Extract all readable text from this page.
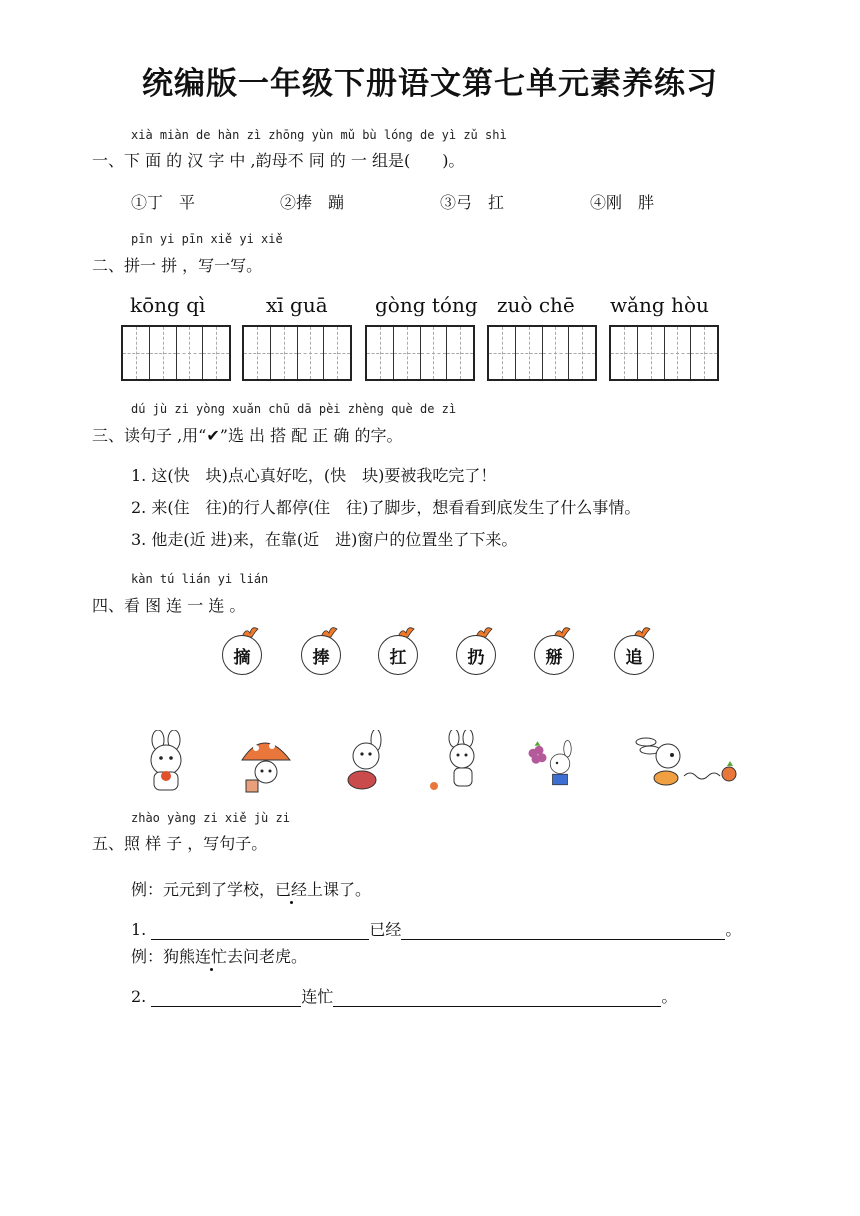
统编版一年级下册语文第七单元素养练习
xià miàn de hàn zì zhōng yùn mǔ bù lóng de yì zǔ shì
一、下 面 的 汉 字 中 ,韵母不 同 的 一 组是(　　)。
①丁　平	②捧　蹦	③弓　扛	④刚　胖
pīn yi pīn xiě yi xiě
二、拼一 拼 ，写一写。
kōng qì	xī guā gòng tóng zuò chē wǎng hòu
dú jù zi yòng xuǎn chū dā pèi zhèng què de zì
三、读句子 ,用“✔”选 出 搭 配 正 确 的字。
1. 这(快　块)点心真好吃，(快　块)要被我吃完了！
2. 来(住　往)的行人都停(住　往)了脚步，想看看到底发生了什么事情。
3. 他走(近 进)来，在靠(近　进)窗户的位置坐了下来。
kàn tú lián yi lián
四、看 图 连 一 连 。
摘	捧	扛	扔	掰	追
zhào yàng zi xiě jù zi
五、照 样 子 ，写句子。
例：元元到了学校，已经上课了。
1.	已经	。
例：狗熊连忙去问老虎。
2.	连忙	。
